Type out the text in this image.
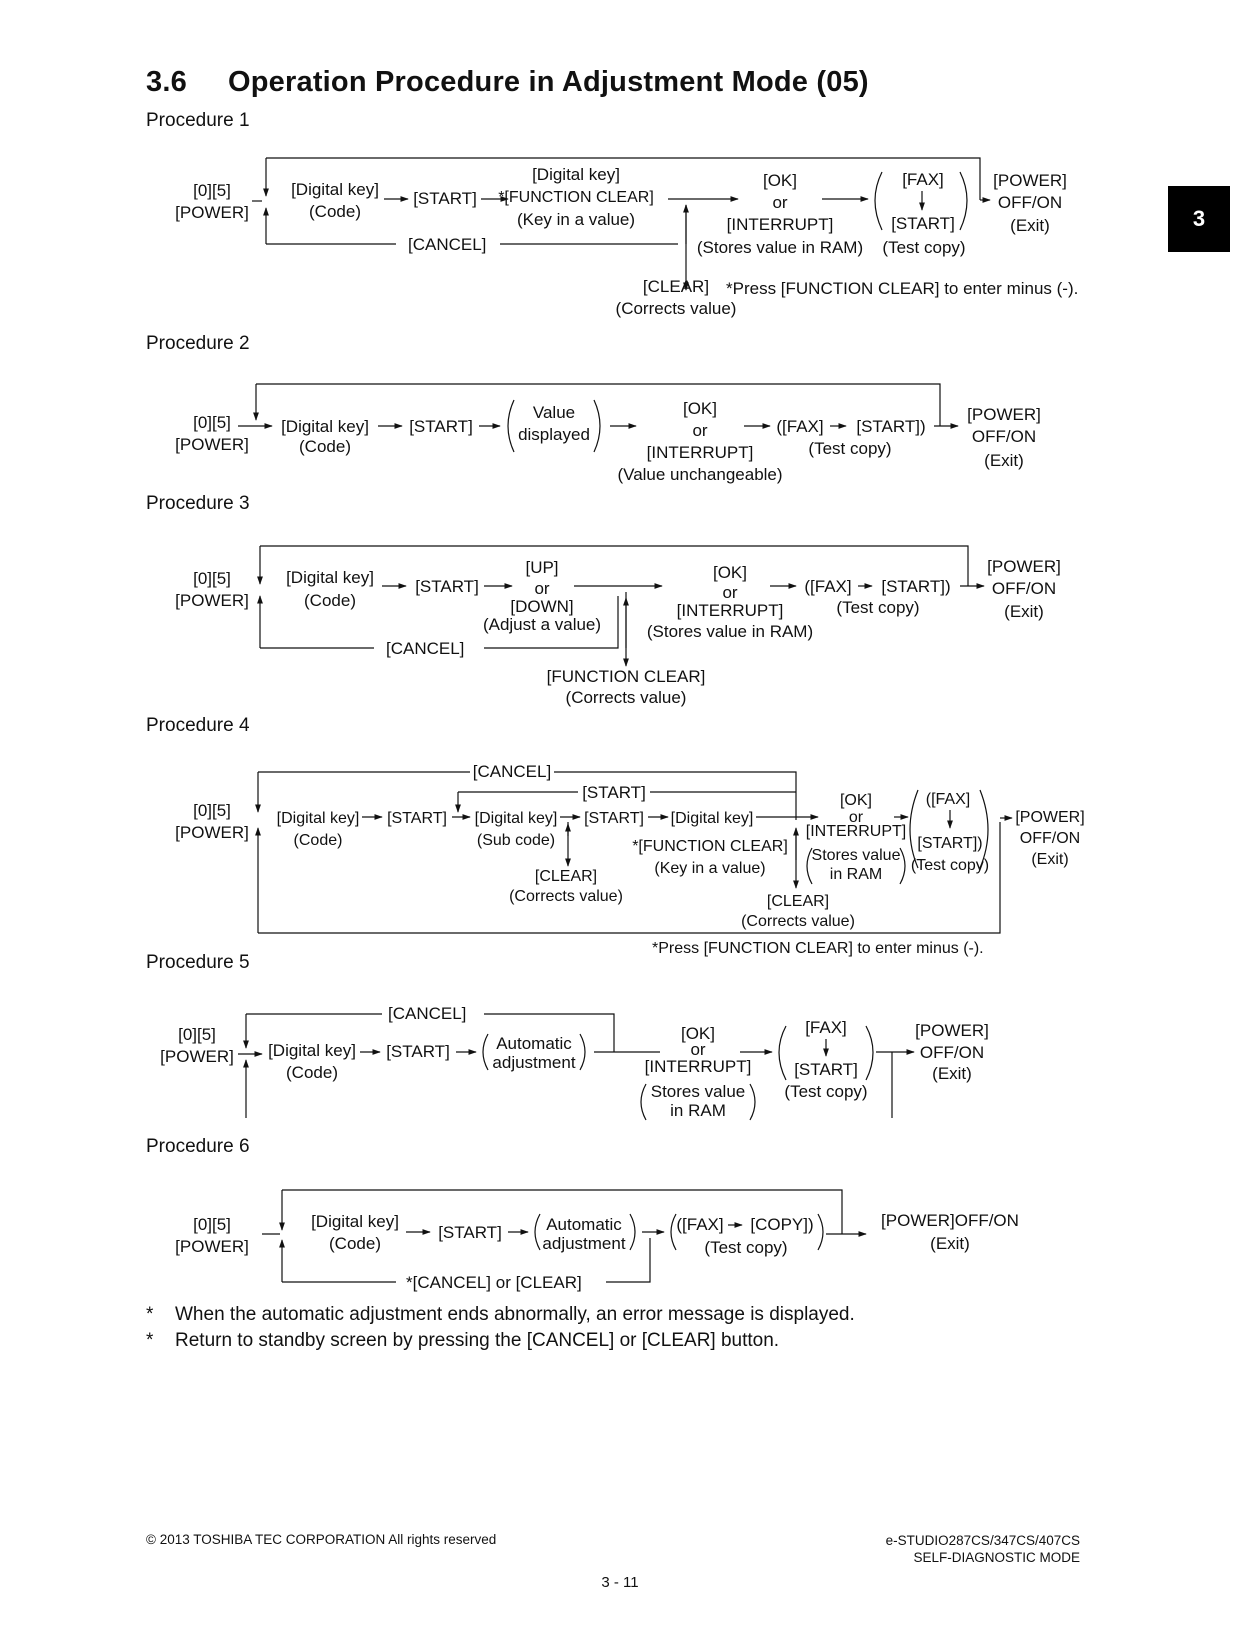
3.6 Operation Procedure in Adjustment Mode (05)
3
Procedure 1
Procedure 2
Procedure 3
Procedure 4
Procedure 5
Procedure 6
[0][5]
[POWER]
[CANCEL]
[Digital key]
(Code)
[START]
[Digital key]
*[FUNCTION CLEAR]
(Key in a value)
[OK]
or
[INTERRUPT]
(Stores value in RAM)
[FAX]
[START]
(Test copy)
[POWER]
OFF/ON
(Exit)
[CLEAR]
(Corrects value)
*Press [FUNCTION CLEAR] to enter minus (-).
[0][5]
[POWER]
[Digital key]
(Code)
[START]
Value
displayed
[OK]
or
[INTERRUPT]
(Value unchangeable)
([FAX] [START])
(Test copy)
[POWER]
OFF/ON
(Exit)
[0][5]
[POWER]
[CANCEL]
[Digital key]
(Code)
[START]
[UP]
or
[DOWN]
(Adjust a value)
[OK]
or
[INTERRUPT]
(Stores value in RAM)
([FAX] [START])
(Test copy)
[POWER]
OFF/ON
(Exit)
[FUNCTION CLEAR]
(Corrects value)
[0][5]
[POWER]
[CANCEL]
[START]
[Digital key]
(Code)
[START] [Digital key]
(Sub code)
[START] [Digital key]
*[FUNCTION CLEAR]
(Key in a value)
[CLEAR]
(Corrects value)
[OK]
or
[INTERRUPT]
Stores value
in RAM
([FAX]
[START])
(Test copy)
[POWER]
OFF/ON
(Exit)
[CLEAR]
(Corrects value)
*Press [FUNCTION CLEAR] to enter minus (-).
[0][5]
[POWER]
[CANCEL]
[Digital key]
(Code)
[START]	Automatic
adjustment
[OK]
or
[INTERRUPT]
Stores value
in RAM
[FAX]
[START]
(Test copy)
[POWER]
OFF/ON
(Exit)
[0][5]
[POWER]
*[CANCEL] or [CLEAR]
[Digital key]
(Code)
[START]	Automatic
adjustment
([FAX] [COPY])
(Test copy)
[POWER]OFF/ON
(Exit)
*	When the automatic adjustment ends abnormally, an error message is displayed.
*	Return to standby screen by pressing the [CANCEL] or [CLEAR] button.
© 2013 TOSHIBA TEC CORPORATION All rights reserved	e-STUDIO287CS/347CS/407CS
SELF-DIAGNOSTIC MODE
3 - 11
